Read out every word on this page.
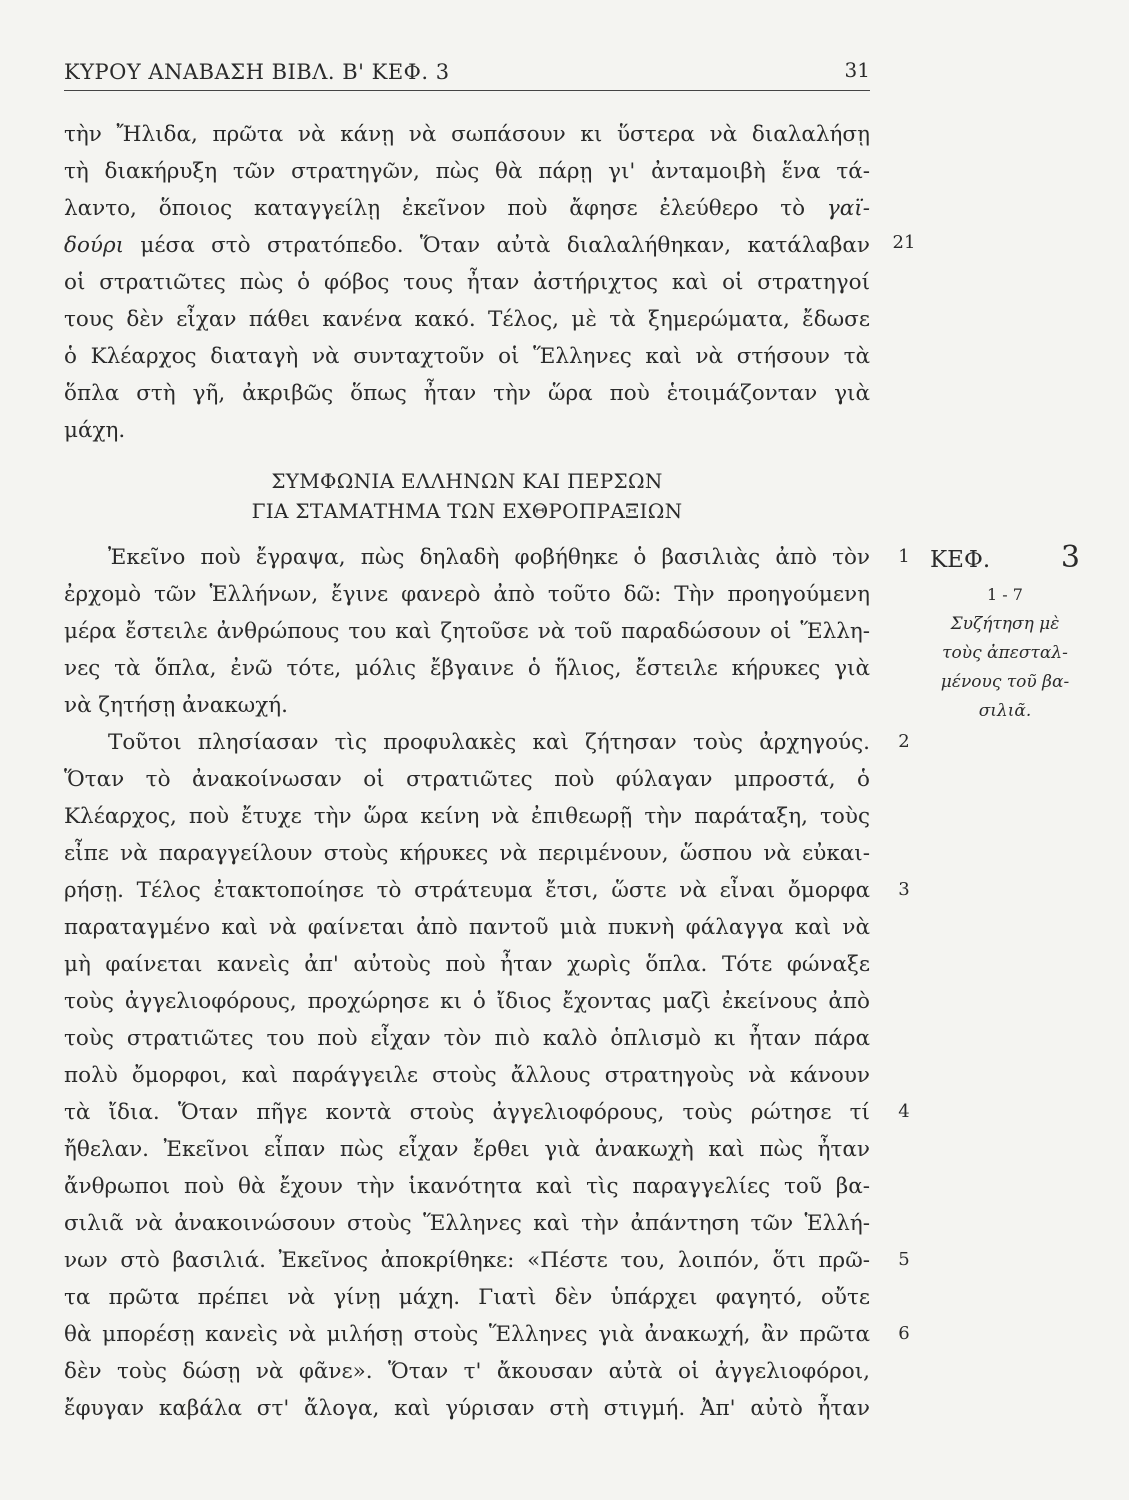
ΚΥΡΟΥ ΑΝΑΒΑΣΗ ΒΙΒΛ. Β' ΚΕΦ. 3	31
τὴν Ἤλιδα, πρῶτα νὰ κάνῃ νὰ σωπάσουν κι ὕστερα νὰ διαλαλήσῃ
τὴ διακήρυξη τῶν στρατηγῶν, πὼς θὰ πάρῃ γι' ἀνταμοιβὴ ἕνα τά-
λαντο, ὅποιος καταγγείλῃ ἐκεῖνον ποὺ ἄφησε ἐλεύθερο τὸ γαϊ-
δούρι μέσα στὸ στρατόπεδο. Ὅταν αὐτὰ διαλαλήθηκαν, κατάλαβαν
οἱ στρατιῶτες πὼς ὁ φόβος τους ἦταν ἀστήριχτος καὶ οἱ στρατηγοί
τους δὲν εἶχαν πάθει κανένα κακό. Τέλος, μὲ τὰ ξημερώματα, ἔδωσε
ὁ Κλέαρχος διαταγὴ νὰ συνταχτοῦν οἱ Ἕλληνες καὶ νὰ στήσουν τὰ
ὅπλα στὴ γῆ, ἀκριβῶς ὅπως ἦταν τὴν ὥρα ποὺ ἑτοιμάζονταν γιὰ
μάχη.
ΣΥΜΦΩΝΙΑ ΕΛΛΗΝΩΝ ΚΑΙ ΠΕΡΣΩΝ
ΓΙΑ ΣΤΑΜΑΤΗΜΑ ΤΩΝ ΕΧΘΡΟΠΡΑΞΙΩΝ
Ἐκεῖνο ποὺ ἔγραψα, πὼς δηλαδὴ φοβήθηκε ὁ βασιλιὰς ἀπὸ τὸν
ἐρχομὸ τῶν Ἑλλήνων, ἔγινε φανερὸ ἀπὸ τοῦτο δῶ: Τὴν προηγούμενη
μέρα ἔστειλε ἀνθρώπους του καὶ ζητοῦσε νὰ τοῦ παραδώσουν οἱ Ἕλλη-
νες τὰ ὅπλα, ἐνῶ τότε, μόλις ἔβγαινε ὁ ἥλιος, ἔστειλε κήρυκες γιὰ
νὰ ζητήσῃ ἀνακωχή.
Τοῦτοι πλησίασαν τὶς προφυλακὲς καὶ ζήτησαν τοὺς ἀρχηγούς.
Ὅταν τὸ ἀνακοίνωσαν οἱ στρατιῶτες ποὺ φύλαγαν μπροστά, ὁ
Κλέαρχος, ποὺ ἔτυχε τὴν ὥρα κείνη νὰ ἐπιθεωρῇ τὴν παράταξη, τοὺς
εἶπε νὰ παραγγείλουν στοὺς κήρυκες νὰ περιμένουν, ὥσπου νὰ εὐκαι-
ρήσῃ. Τέλος ἐτακτοποίησε τὸ στράτευμα ἔτσι, ὥστε νὰ εἶναι ὄμορφα
παραταγμένο καὶ νὰ φαίνεται ἀπὸ παντοῦ μιὰ πυκνὴ φάλαγγα καὶ νὰ
μὴ φαίνεται κανεὶς ἀπ' αὐτοὺς ποὺ ἦταν χωρὶς ὅπλα. Τότε φώναξε
τοὺς ἀγγελιοφόρους, προχώρησε κι ὁ ἴδιος ἔχοντας μαζὶ ἐκείνους ἀπὸ
τοὺς στρατιῶτες του ποὺ εἶχαν τὸν πιὸ καλὸ ὁπλισμὸ κι ἦταν πάρα
πολὺ ὄμορφοι, καὶ παράγγειλε στοὺς ἄλλους στρατηγοὺς νὰ κάνουν
τὰ ἴδια. Ὅταν πῆγε κοντὰ στοὺς ἀγγελιοφόρους, τοὺς ρώτησε τί
ἤθελαν. Ἐκεῖνοι εἶπαν πὼς εἶχαν ἔρθει γιὰ ἀνακωχὴ καὶ πὼς ἦταν
ἄνθρωποι ποὺ θὰ ἔχουν τὴν ἱκανότητα καὶ τὶς παραγγελίες τοῦ βα-
σιλιᾶ νὰ ἀνακοινώσουν στοὺς Ἕλληνες καὶ τὴν ἀπάντηση τῶν Ἑλλή-
νων στὸ βασιλιά. Ἐκεῖνος ἀποκρίθηκε: «Πέστε του, λοιπόν, ὅτι πρῶ-
τα πρῶτα πρέπει νὰ γίνῃ μάχη. Γιατὶ δὲν ὑπάρχει φαγητό, οὔτε
θὰ μπορέσῃ κανεὶς νὰ μιλήσῃ στοὺς Ἕλληνες γιὰ ἀνακωχή, ἂν πρῶτα
δὲν τοὺς δώσῃ νὰ φᾶνε». Ὅταν τ' ἄκουσαν αὐτὰ οἱ ἀγγελιοφόροι,
ἔφυγαν καβάλα στ' ἄλογα, καὶ γύρισαν στὴ στιγμή. Ἀπ' αὐτὸ ἦταν
21
1
2
3
4
5
6
ΚΕΦ. 3
1 - 7
Συζήτηση μὲ
τοὺς ἀπεσταλ-
μένους τοῦ βα-
σιλιᾶ.
